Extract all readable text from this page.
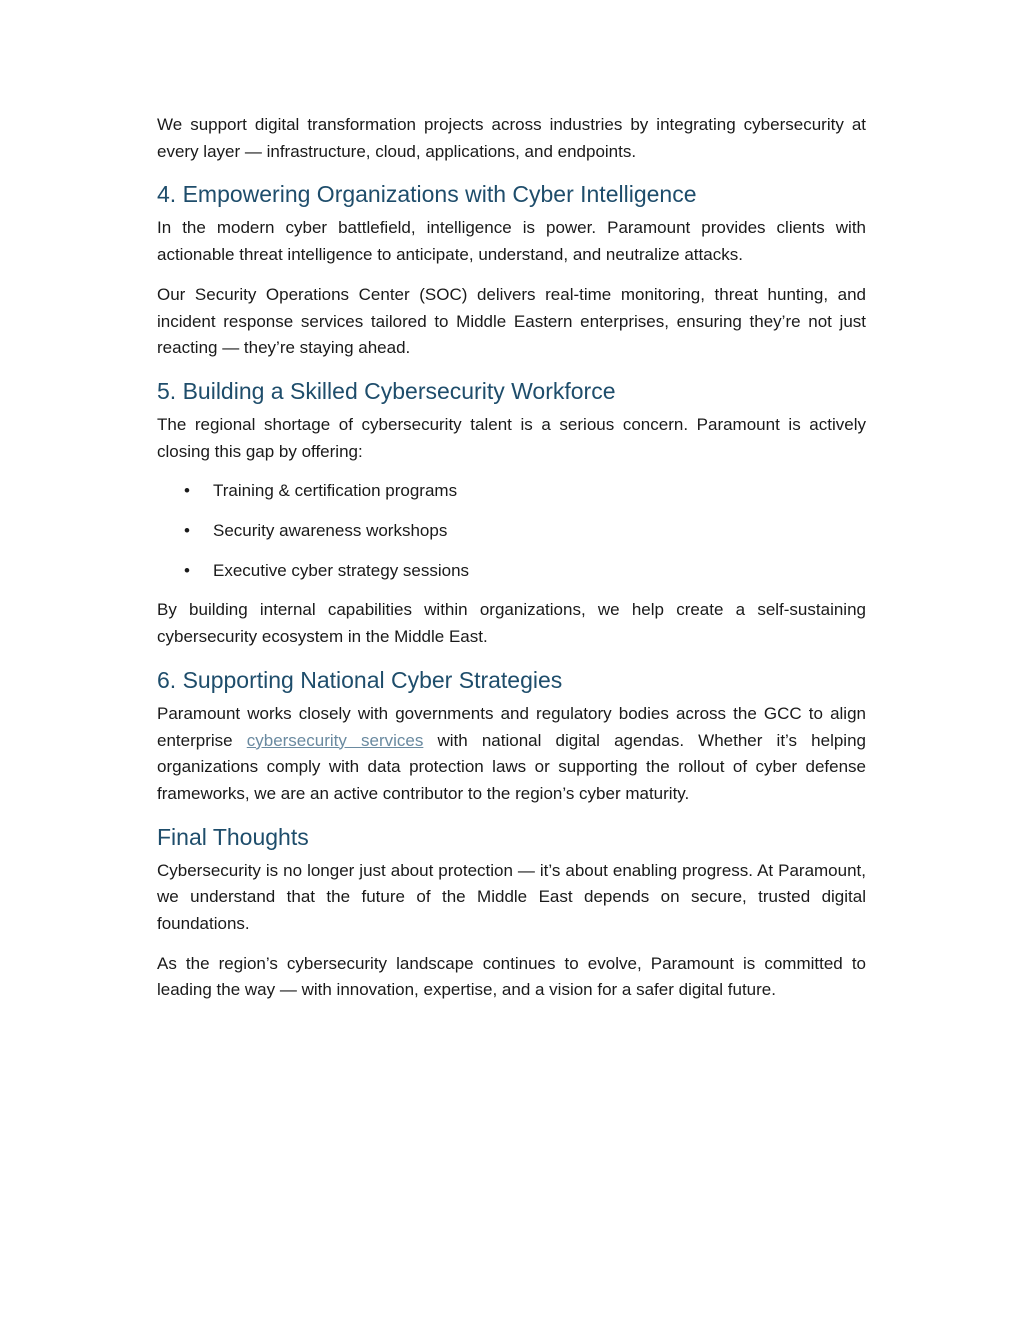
We support digital transformation projects across industries by integrating cybersecurity at every layer — infrastructure, cloud, applications, and endpoints.

4. Empowering Organizations with Cyber Intelligence

In the modern cyber battlefield, intelligence is power. Paramount provides clients with actionable threat intelligence to anticipate, understand, and neutralize attacks.

Our Security Operations Center (SOC) delivers real-time monitoring, threat hunting, and incident response services tailored to Middle Eastern enterprises, ensuring they’re not just reacting — they’re staying ahead.

5. Building a Skilled Cybersecurity Workforce

The regional shortage of cybersecurity talent is a serious concern. Paramount is actively closing this gap by offering:

• Training & certification programs
• Security awareness workshops
• Executive cyber strategy sessions

By building internal capabilities within organizations, we help create a self-sustaining cybersecurity ecosystem in the Middle East.

6. Supporting National Cyber Strategies

Paramount works closely with governments and regulatory bodies across the GCC to align enterprise cybersecurity services with national digital agendas. Whether it’s helping organizations comply with data protection laws or supporting the rollout of cyber defense frameworks, we are an active contributor to the region’s cyber maturity.

Final Thoughts

Cybersecurity is no longer just about protection — it’s about enabling progress. At Paramount, we understand that the future of the Middle East depends on secure, trusted digital foundations.

As the region’s cybersecurity landscape continues to evolve, Paramount is committed to leading the way — with innovation, expertise, and a vision for a safer digital future.
